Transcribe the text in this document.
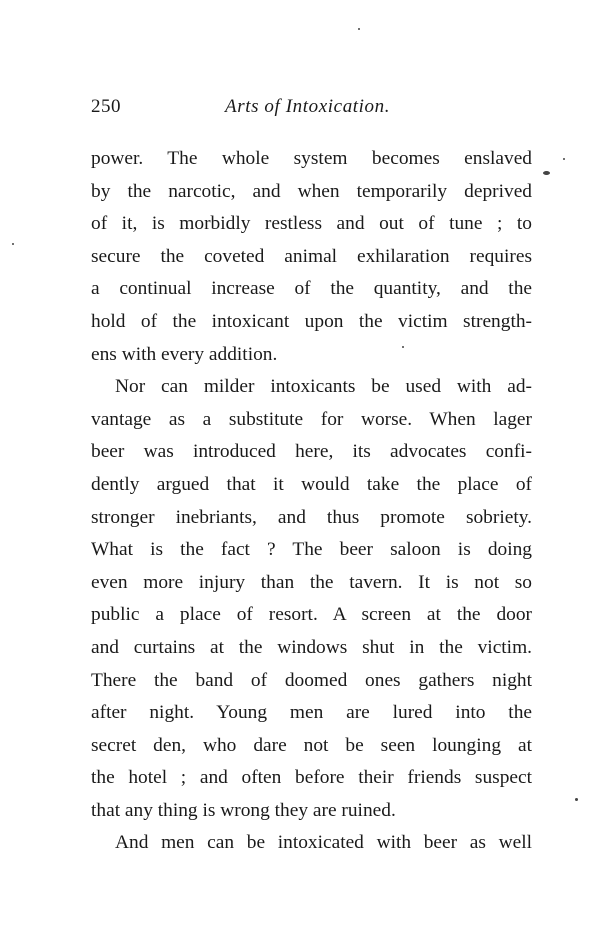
250	Arts of Intoxication.
power. The whole system becomes enslaved
by the narcotic, and when temporarily deprived
of it, is morbidly restless and out of tune ; to
secure the coveted animal exhilaration requires
a continual increase of the quantity, and the
hold of the intoxicant upon the victim strength-
ens with every addition.
Nor can milder intoxicants be used with ad-
vantage as a substitute for worse. When lager
beer was introduced here, its advocates confi-
dently argued that it would take the place of
stronger inebriants, and thus promote sobriety.
What is the fact ? The beer saloon is doing
even more injury than the tavern. It is not so
public a place of resort. A screen at the door
and curtains at the windows shut in the victim.
There the band of doomed ones gathers night
after night. Young men are lured into the
secret den, who dare not be seen lounging at
the hotel ; and often before their friends suspect
that any thing is wrong they are ruined.
And men can be intoxicated with beer as well
